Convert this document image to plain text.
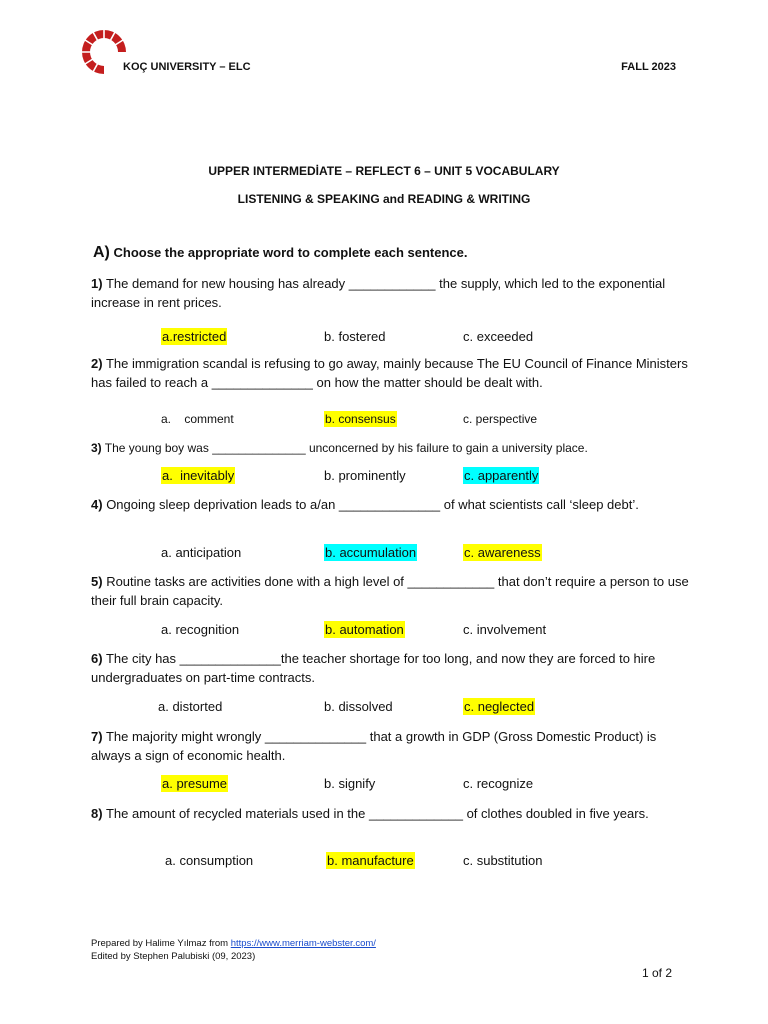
KOÇ UNIVERSITY – ELC	FALL 2023
UPPER INTERMEDİATE – REFLECT 6 – UNIT 5 VOCABULARY
LISTENING & SPEAKING and READING & WRITING
A) Choose the appropriate word to complete each sentence.
1) The demand for new housing has already ____________ the supply, which led to the exponential increase in rent prices.
a.restricted	b. fostered	c. exceeded
2) The immigration scandal is refusing to go away, mainly because The EU Council of Finance Ministers has failed to reach a ______________ on how the matter should be dealt with.
a.    comment	b. consensus	c. perspective
3) The young boy was ______________ unconcerned by his failure to gain a university place.
a.  inevitably	b. prominently	c. apparently
4) Ongoing sleep deprivation leads to a/an ______________ of what scientists call ‘sleep debt’.
a. anticipation	b. accumulation	c. awareness
5) Routine tasks are activities done with a high level of ____________ that don’t require a person to use their full brain capacity.
a. recognition	b. automation	c. involvement
6) The city has ______________the teacher shortage for too long, and now they are forced to hire undergraduates on part-time contracts.
a. distorted	b. dissolved	c. neglected
7) The majority might wrongly ______________ that a growth in GDP (Gross Domestic Product) is always a sign of economic health.
a. presume	b. signify	c. recognize
8) The amount of recycled materials used in the _____________ of clothes doubled in five years.
a. consumption	b. manufacture	c. substitution
Prepared by Halime Yılmaz from https://www.merriam-webster.com/
Edited by Stephen Palubiski (09, 2023)
1 of 2
